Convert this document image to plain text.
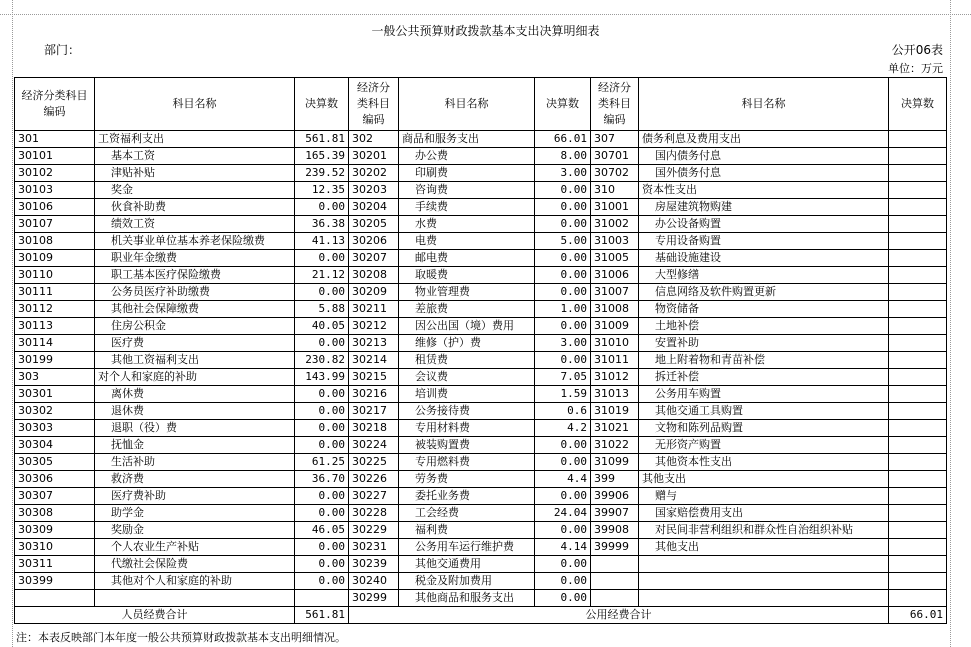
一般公共预算财政拨款基本支出决算明细表
部门：	公开06表
单位：万元
经济分类科目编码	科目名称	决算数	经济分类科目编码	科目名称	决算数	经济分类科目编码	科目名称	决算数
301	工资福利支出	561.81	302	商品和服务支出	66.01	307	债务利息及费用支出	
30101	基本工资	165.39	30201	办公费	8.00	30701	国内债务付息	
30102	津贴补贴	239.52	30202	印刷费	3.00	30702	国外债务付息	
30103	奖金	12.35	30203	咨询费	0.00	310	资本性支出	
30106	伙食补助费	0.00	30204	手续费	0.00	31001	房屋建筑物购建	
30107	绩效工资	36.38	30205	水费	0.00	31002	办公设备购置	
30108	机关事业单位基本养老保险缴费	41.13	30206	电费	5.00	31003	专用设备购置	
30109	职业年金缴费	0.00	30207	邮电费	0.00	31005	基础设施建设	
30110	职工基本医疗保险缴费	21.12	30208	取暖费	0.00	31006	大型修缮	
30111	公务员医疗补助缴费	0.00	30209	物业管理费	0.00	31007	信息网络及软件购置更新	
30112	其他社会保障缴费	5.88	30211	差旅费	1.00	31008	物资储备	
30113	住房公积金	40.05	30212	因公出国（境）费用	0.00	31009	土地补偿	
30114	医疗费	0.00	30213	维修（护）费	3.00	31010	安置补助	
30199	其他工资福利支出	230.82	30214	租赁费	0.00	31011	地上附着物和青苗补偿	
303	对个人和家庭的补助	143.99	30215	会议费	7.05	31012	拆迁补偿	
30301	离休费	0.00	30216	培训费	1.59	31013	公务用车购置	
30302	退休费	0.00	30217	公务接待费	0.6	31019	其他交通工具购置	
30303	退职（役）费	0.00	30218	专用材料费	4.2	31021	文物和陈列品购置	
30304	抚恤金	0.00	30224	被装购置费	0.00	31022	无形资产购置	
30305	生活补助	61.25	30225	专用燃料费	0.00	31099	其他资本性支出	
30306	救济费	36.70	30226	劳务费	4.4	399	其他支出	
30307	医疗费补助	0.00	30227	委托业务费	0.00	39906	赠与	
30308	助学金	0.00	30228	工会经费	24.04	39907	国家赔偿费用支出	
30309	奖励金	46.05	30229	福利费	0.00	39908	对民间非营利组织和群众性自治组织补贴	
30310	个人农业生产补贴	0.00	30231	公务用车运行维护费	4.14	39999	其他支出	
30311	代缴社会保险费	0.00	30239	其他交通费用	0.00			
30399	其他对个人和家庭的补助	0.00	30240	税金及附加费用	0.00			
			30299	其他商品和服务支出	0.00			
人员经费合计		561.81	公用经费合计					66.01
注：本表反映部门本年度一般公共预算财政拨款基本支出明细情况。
